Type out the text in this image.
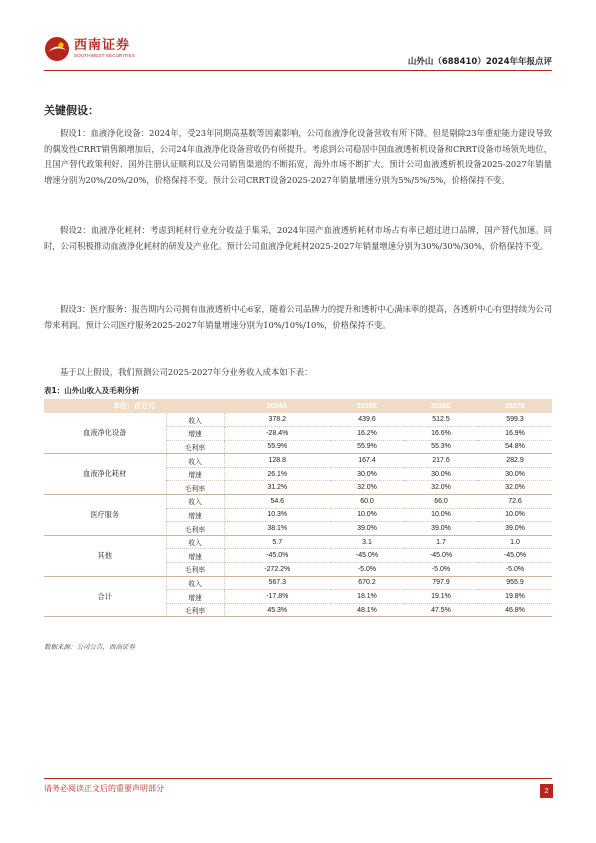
西南证券
SOUTHWEST SECURITIES
山外山（688410）2024年年报点评
关键假设：
假设1：血液净化设备：2024年，受23年同期高基数等因素影响，公司血液净化设备营收有所下降。但是剔除23年重症能力建设导致的偶发性CRRT销售额增加后，公司24年血液净化设备营收仍有所提升。考虑到公司稳居中国血液透析机设备和CRRT设备市场领先地位，且国产替代政策利好、国外注册认证顺利以及公司销售渠道的不断拓宽，海外市场不断扩大。预计公司血液透析机设备2025-2027年销量增速分别为20%/20%/20%，价格保持不变。预计公司CRRT设备2025-2027年销量增速分别为5%/5%/5%，价格保持不变。
假设2：血液净化耗材：考虑到耗材行业充分收益于集采，2024年国产血液透析耗材市场占有率已超过进口品牌，国产替代加速。同时，公司积极推动血液净化耗材的研发及产业化。预计公司血液净化耗材2025-2027年销量增速分别为30%/30%/30%，价格保持不变。
假设3：医疗服务：报告期内公司拥有血液透析中心6家，随着公司品牌力的提升和透析中心满床率的提高，各透析中心有望持续为公司带来利润。预计公司医疗服务2025-2027年销量增速分别为10%/10%/10%，价格保持不变。
基于以上假设，我们预测公司2025-2027年分业务收入成本如下表：
表1：山外山收入及毛利分析
单位：百万元		2024A	2025E	2026E	2027E
血液净化设备	收入	378.2	439.6	512.5	599.3
	增速	-28.4%	16.2%	16.6%	16.9%
	毛利率	55.9%	55.9%	55.3%	54.8%
血液净化耗材	收入	128.8	167.4	217.6	282.9
	增速	26.1%	30.0%	30.0%	30.0%
	毛利率	31.2%	32.0%	32.0%	32.0%
医疗服务	收入	54.6	60.0	66.0	72.6
	增速	10.3%	10.0%	10.0%	10.0%
	毛利率	38.1%	39.0%	39.0%	39.0%
其他	收入	5.7	3.1	1.7	1.0
	增速	-45.0%	-45.0%	-45.0%	-45.0%
	毛利率	-272.2%	-5.0%	-5.0%	-5.0%
合计	收入	567.3	670.2	797.9	955.9
	增速	-17.8%	18.1%	19.1%	19.8%
	毛利率	45.3%	48.1%	47.5%	46.8%
数据来源：公司公告，西南证券
请务必阅读正文后的重要声明部分	2
